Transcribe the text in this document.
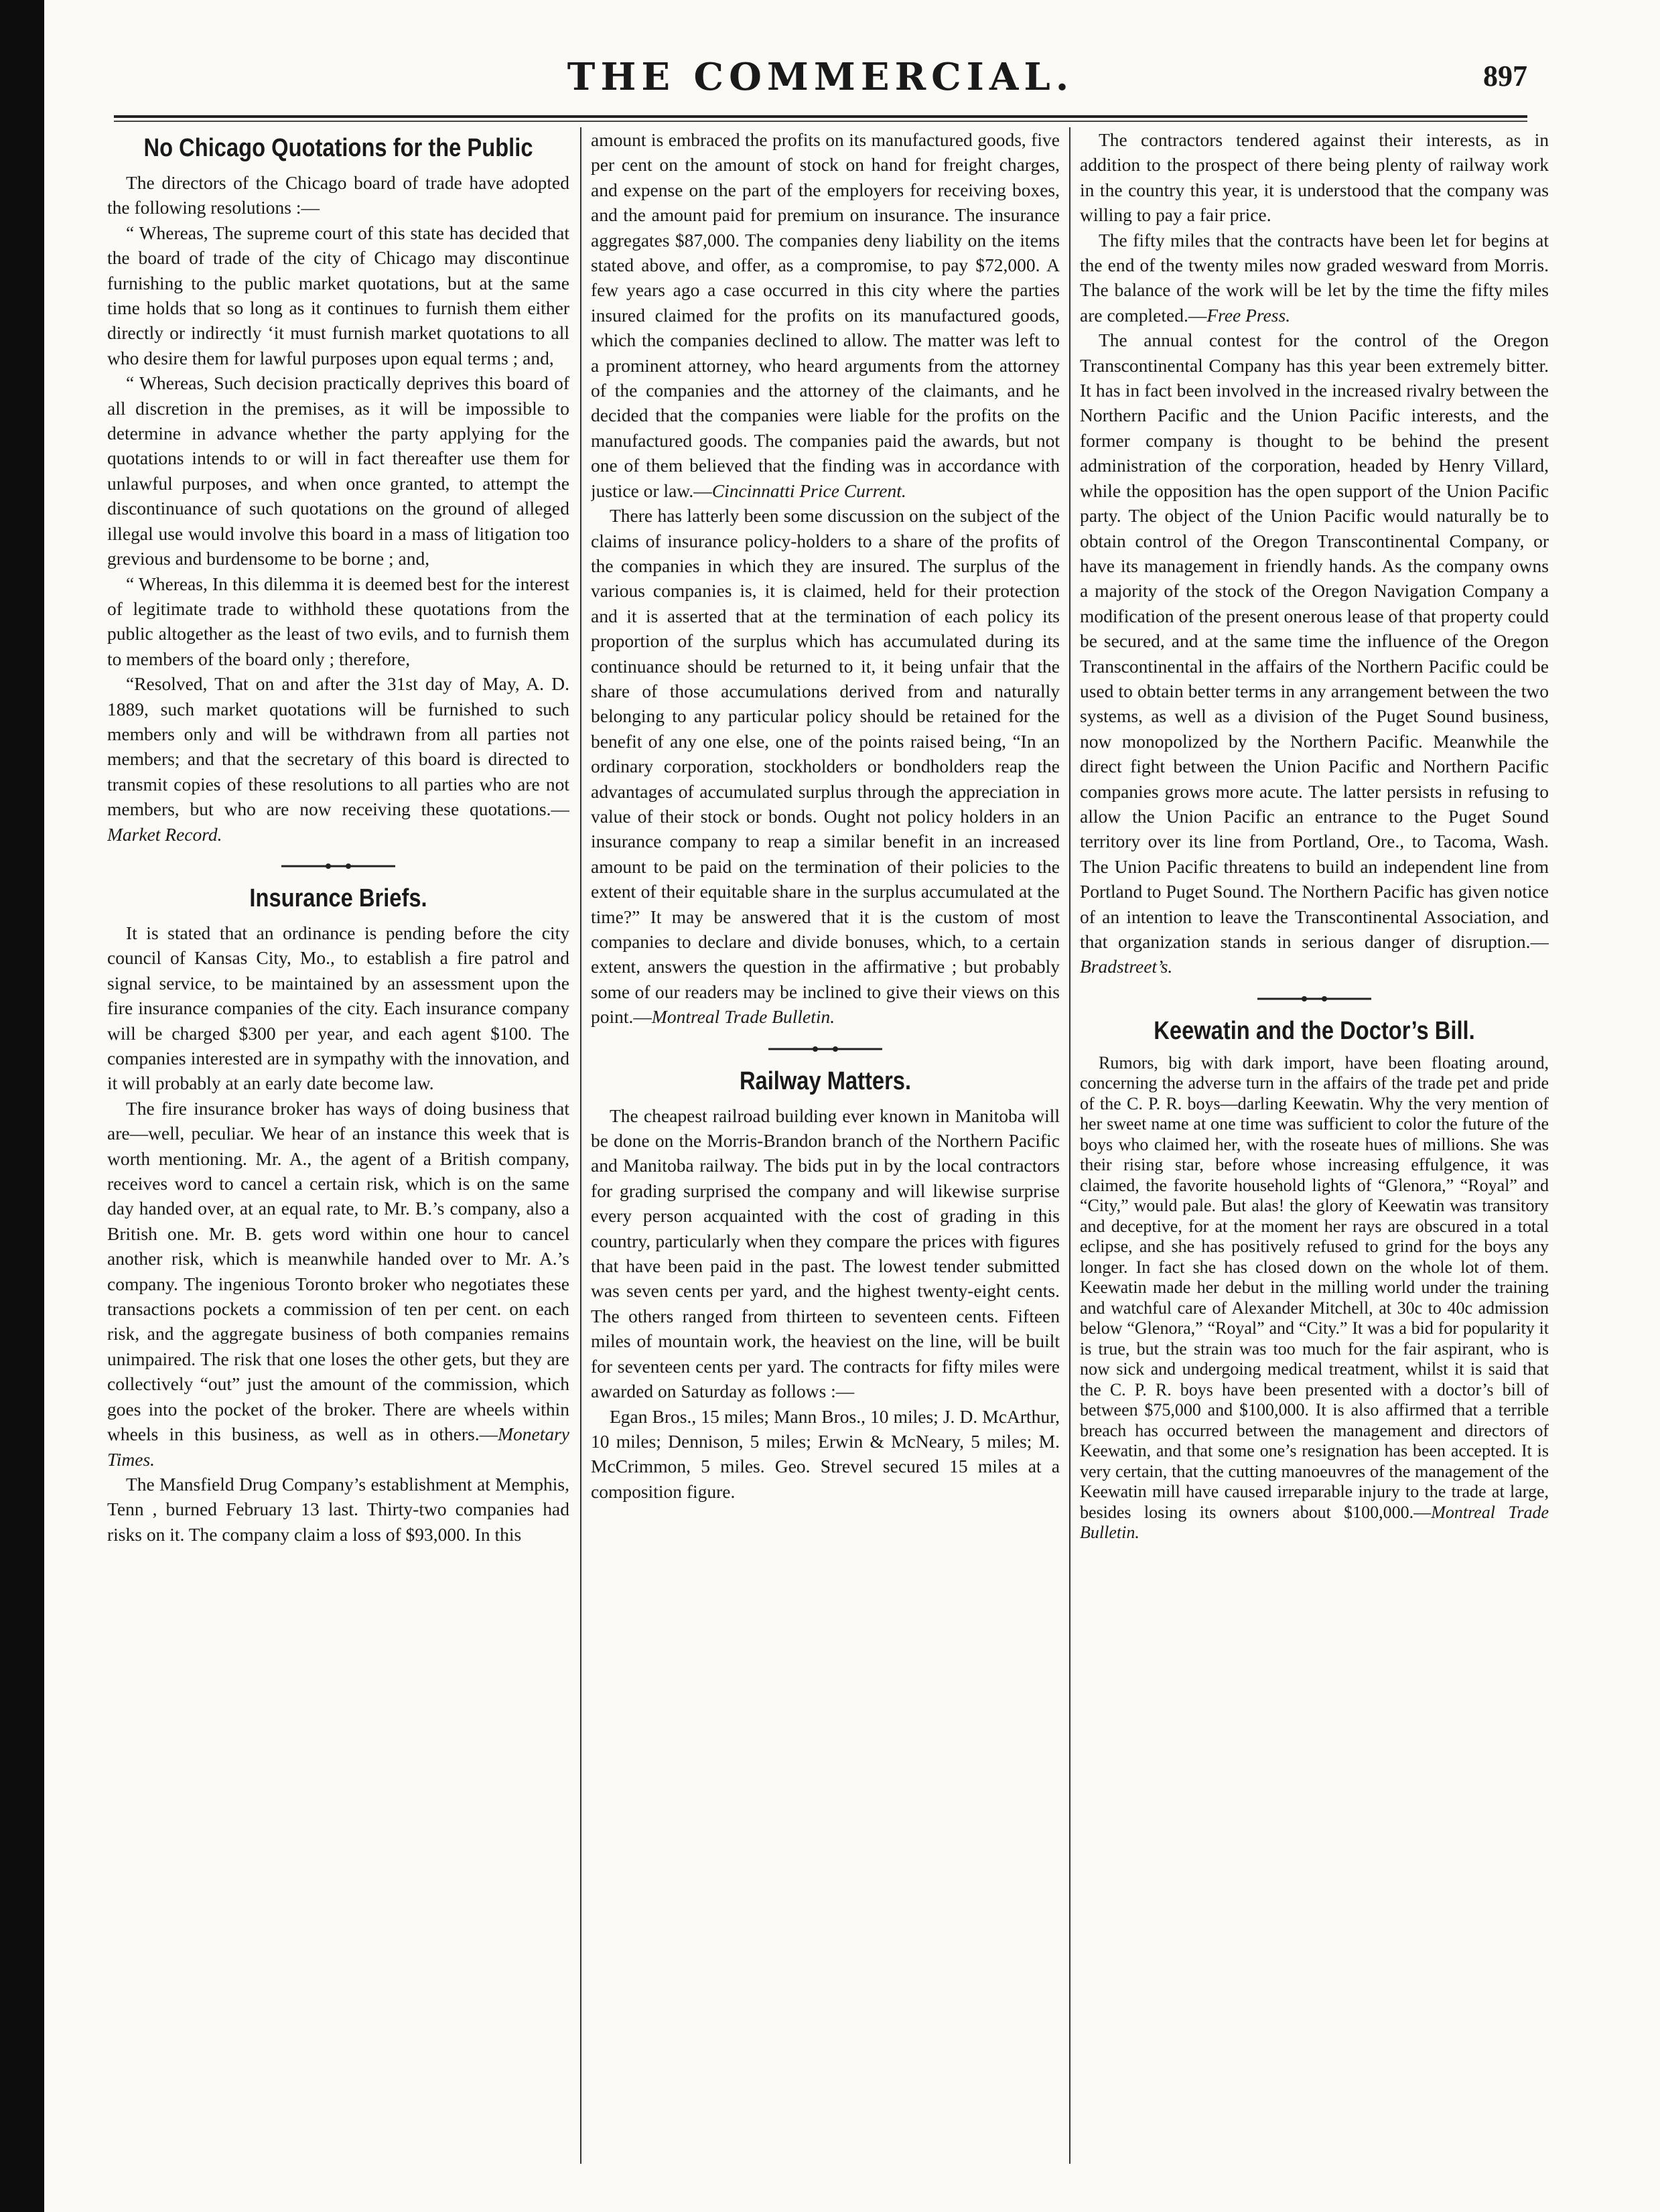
THE COMMERCIAL.	897
No Chicago Quotations for the Public

The directors of the Chicago board of trade have adopted the following resolutions :—

“ Whereas, The supreme court of this state has decided that the board of trade of the city of Chicago may discontinue furnishing to the public market quotations, but at the same time holds that so long as it continues to furnish them either directly or indirectly ‘it must furnish market quotations to all who desire them for lawful purposes upon equal terms ; and,

“ Whereas, Such decision practically deprives this board of all discretion in the premises, as it will be impossible to determine in advance whether the party applying for the quotations intends to or will in fact thereafter use them for unlawful purposes, and when once granted, to attempt the discontinuance of such quotations on the ground of alleged illegal use would involve this board in a mass of litigation too grevious and burdensome to be borne ; and,

“ Whereas, In this dilemma it is deemed best for the interest of legitimate trade to withhold these quotations from the public altogether as the least of two evils, and to furnish them to members of the board only ; therefore,

“Resolved, That on and after the 31st day of May, A. D. 1889, such market quotations will be furnished to such members only and will be withdrawn from all parties not members; and that the secretary of this board is directed to transmit copies of these resolutions to all parties who are not members, but who are now receiving these quotations.—Market Record.

Insurance Briefs.

It is stated that an ordinance is pending before the city council of Kansas City, Mo., to establish a fire patrol and signal service, to be maintained by an assessment upon the fire insurance companies of the city. Each insurance company will be charged $300 per year, and each agent $100. The companies interested are in sympathy with the innovation, and it will probably at an early date become law.

The fire insurance broker has ways of doing business that are—well, peculiar. We hear of an instance this week that is worth mentioning. Mr. A., the agent of a British company, receives word to cancel a certain risk, which is on the same day handed over, at an equal rate, to Mr. B.’s company, also a British one. Mr. B. gets word within one hour to cancel another risk, which is meanwhile handed over to Mr. A.’s company. The ingenious Toronto broker who negotiates these transactions pockets a commission of ten per cent. on each risk, and the aggregate business of both companies remains unimpaired. The risk that one loses the other gets, but they are collectively “out” just the amount of the commission, which goes into the pocket of the broker. There are wheels within wheels in this business, as well as in others.—Monetary Times.

The Mansfield Drug Company’s establishment at Memphis, Tenn , burned February 13 last. Thirty-two companies had risks on it. The company claim a loss of $93,000. In this

amount is embraced the profits on its manufactured goods, five per cent on the amount of stock on hand for freight charges, and expense on the part of the employers for receiving boxes, and the amount paid for premium on insurance. The insurance aggregates $87,000. The companies deny liability on the items stated above, and offer, as a compromise, to pay $72,000. A few years ago a case occurred in this city where the parties insured claimed for the profits on its manufactured goods, which the companies declined to allow. The matter was left to a prominent attorney, who heard arguments from the attorney of the companies and the attorney of the claimants, and he decided that the companies were liable for the profits on the manufactured goods. The companies paid the awards, but not one of them believed that the finding was in accordance with justice or law.—Cincinnatti Price Current.

There has latterly been some discussion on the subject of the claims of insurance policy-holders to a share of the profits of the companies in which they are insured. The surplus of the various companies is, it is claimed, held for their protection and it is asserted that at the termination of each policy its proportion of the surplus which has accumulated during its continuance should be returned to it, it being unfair that the share of those accumulations derived from and naturally belonging to any particular policy should be retained for the benefit of any one else, one of the points raised being, “In an ordinary corporation, stockholders or bondholders reap the advantages of accumulated surplus through the appreciation in value of their stock or bonds. Ought not policy holders in an insurance company to reap a similar benefit in an increased amount to be paid on the termination of their policies to the extent of their equitable share in the surplus accumulated at the time?” It may be answered that it is the custom of most companies to declare and divide bonuses, which, to a certain extent, answers the question in the affirmative ; but probably some of our readers may be inclined to give their views on this point.—Montreal Trade Bulletin.

Railway Matters.

The cheapest railroad building ever known in Manitoba will be done on the Morris-Brandon branch of the Northern Pacific and Manitoba railway. The bids put in by the local contractors for grading surprised the company and will likewise surprise every person acquainted with the cost of grading in this country, particularly when they compare the prices with figures that have been paid in the past. The lowest tender submitted was seven cents per yard, and the highest twenty-eight cents. The others ranged from thirteen to seventeen cents. Fifteen miles of mountain work, the heaviest on the line, will be built for seventeen cents per yard. The contracts for fifty miles were awarded on Saturday as follows :—

Egan Bros., 15 miles; Mann Bros., 10 miles; J. D. McArthur, 10 miles; Dennison, 5 miles; Erwin & McNeary, 5 miles; M. McCrimmon, 5 miles. Geo. Strevel secured 15 miles at a composition figure.

The contractors tendered against their interests, as in addition to the prospect of there being plenty of railway work in the country this year, it is understood that the company was willing to pay a fair price.

The fifty miles that the contracts have been let for begins at the end of the twenty miles now graded wesward from Morris. The balance of the work will be let by the time the fifty miles are completed.—Free Press.

The annual contest for the control of the Oregon Transcontinental Company has this year been extremely bitter. It has in fact been involved in the increased rivalry between the Northern Pacific and the Union Pacific interests, and the former company is thought to be behind the present administration of the corporation, headed by Henry Villard, while the opposition has the open support of the Union Pacific party. The object of the Union Pacific would naturally be to obtain control of the Oregon Transcontinental Company, or have its management in friendly hands. As the company owns a majority of the stock of the Oregon Navigation Company a modification of the present onerous lease of that property could be secured, and at the same time the influence of the Oregon Transcontinental in the affairs of the Northern Pacific could be used to obtain better terms in any arrangement between the two systems, as well as a division of the Puget Sound business, now monopolized by the Northern Pacific. Meanwhile the direct fight between the Union Pacific and Northern Pacific companies grows more acute. The latter persists in refusing to allow the Union Pacific an entrance to the Puget Sound territory over its line from Portland, Ore., to Tacoma, Wash. The Union Pacific threatens to build an independent line from Portland to Puget Sound. The Northern Pacific has given notice of an intention to leave the Transcontinental Association, and that organization stands in serious danger of disruption.—Bradstreet’s.

Keewatin and the Doctor’s Bill.

Rumors, big with dark import, have been floating around, concerning the adverse turn in the affairs of the trade pet and pride of the C. P. R. boys—darling Keewatin. Why the very mention of her sweet name at one time was sufficient to color the future of the boys who claimed her, with the roseate hues of millions. She was their rising star, before whose increasing effulgence, it was claimed, the favorite household lights of “Glenora,” “Royal” and “City,” would pale. But alas! the glory of Keewatin was transitory and deceptive, for at the moment her rays are obscured in a total eclipse, and she has positively refused to grind for the boys any longer. In fact she has closed down on the whole lot of them. Keewatin made her debut in the milling world under the training and watchful care of Alexander Mitchell, at 30c to 40c admission below “Glenora,” “Royal” and “City.” It was a bid for popularity it is true, but the strain was too much for the fair aspirant, who is now sick and undergoing medical treatment, whilst it is said that the C. P. R. boys have been presented with a doctor’s bill of between $75,000 and $100,000. It is also affirmed that a terrible breach has occurred between the management and directors of Keewatin, and that some one’s resignation has been accepted. It is very certain, that the cutting manoeuvres of the management of the Keewatin mill have caused irreparable injury to the trade at large, besides losing its owners about $100,000.—Montreal Trade Bulletin.
